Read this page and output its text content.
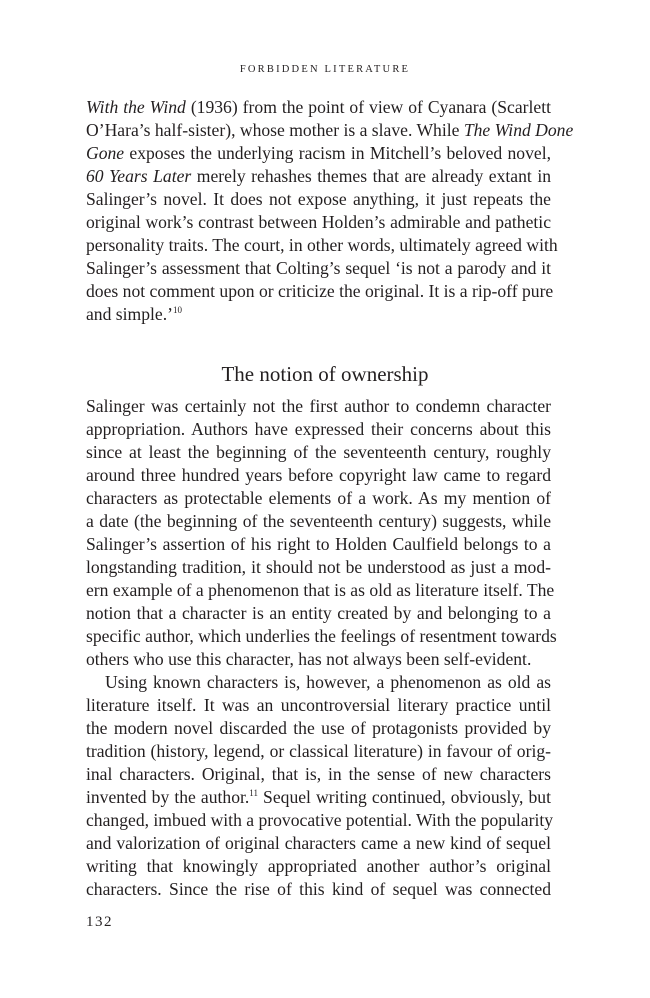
FORBIDDEN LITERATURE
With the Wind (1936) from the point of view of Cyanara (Scarlett
O’Hara’s half-sister), whose mother is a slave. While The Wind Done
Gone exposes the underlying racism in Mitchell’s beloved novel,
60 Years Later merely rehashes themes that are already extant in
Salinger’s novel. It does not expose anything, it just repeats the
original work’s contrast between Holden’s admirable and pathetic
personality traits. The court, in other words, ultimately agreed with
Salinger’s assessment that Colting’s sequel ‘is not a parody and it
does not comment upon or criticize the original. It is a rip-off pure
and simple.’$^{10}$
The notion of ownership
Salinger was certainly not the first author to condemn character
appropriation. Authors have expressed their concerns about this
since at least the beginning of the seventeenth century, roughly
around three hundred years before copyright law came to regard
characters as protectable elements of a work. As my mention of
a date (the beginning of the seventeenth century) suggests, while
Salinger’s assertion of his right to Holden Caulfield belongs to a
longstanding tradition, it should not be understood as just a mod-
ern example of a phenomenon that is as old as literature itself. The
notion that a character is an entity created by and belonging to a
specific author, which underlies the feelings of resentment towards
others who use this character, has not always been self-evident.
Using known characters is, however, a phenomenon as old as
literature itself. It was an uncontroversial literary practice until
the modern novel discarded the use of protagonists provided by
tradition (history, legend, or classical literature) in favour of orig-
inal characters. Original, that is, in the sense of new characters
invented by the author.$^{11}$ Sequel writing continued, obviously, but
changed, imbued with a provocative potential. With the popularity
and valorization of original characters came a new kind of sequel
writing that knowingly appropriated another author’s original
characters. Since the rise of this kind of sequel was connected
132
